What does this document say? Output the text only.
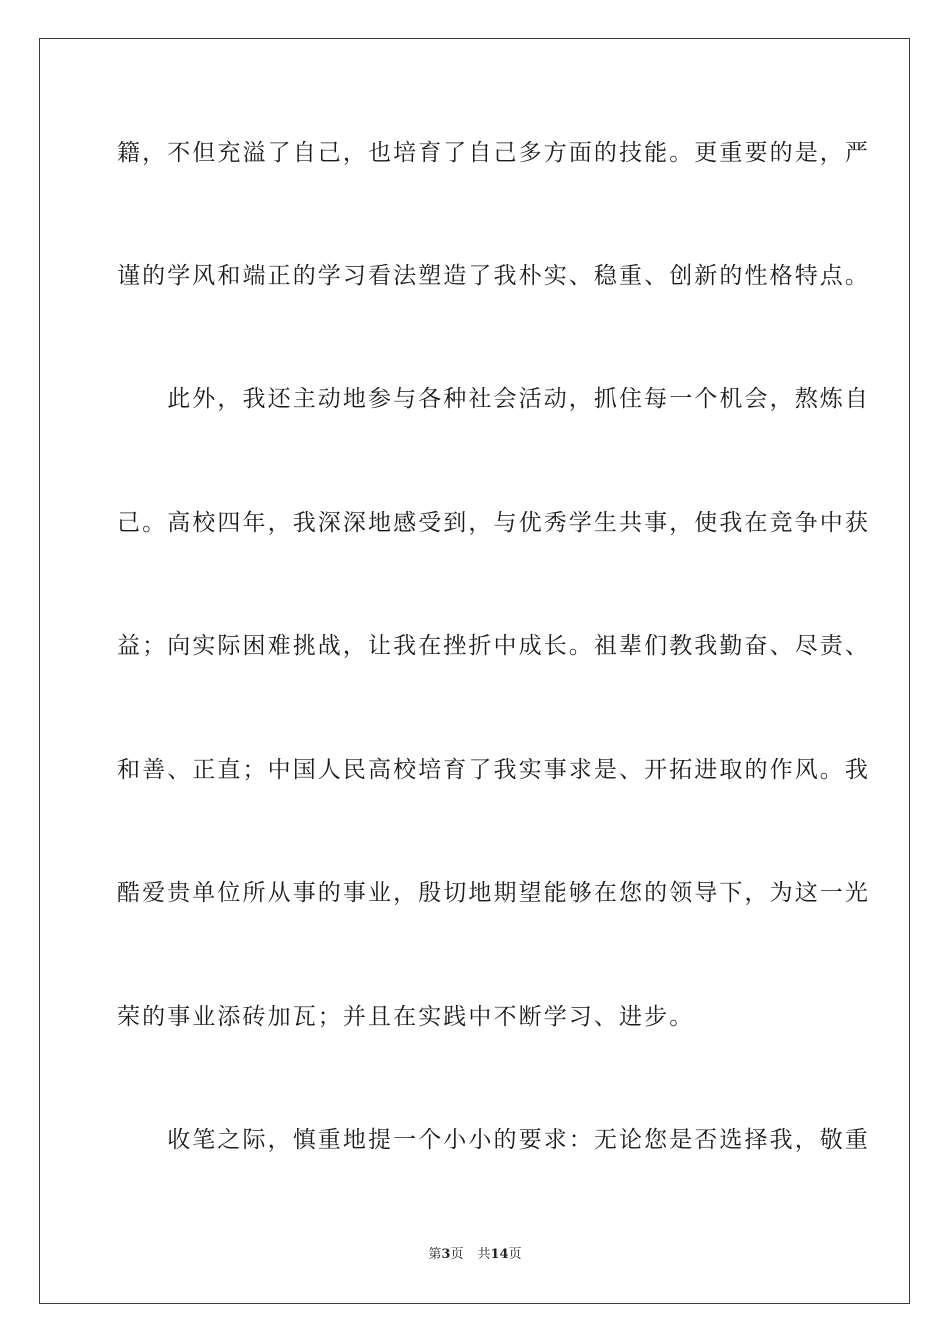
籍，不但充溢了自己，也培育了自己多方面的技能。更重要的是，严
谨的学风和端正的学习看法塑造了我朴实、稳重、创新的性格特点。
　　此外，我还主动地参与各种社会活动，抓住每一个机会，熬炼自
己。高校四年，我深深地感受到，与优秀学生共事，使我在竞争中获
益；向实际困难挑战，让我在挫折中成长。祖辈们教我勤奋、尽责、
和善、正直；中国人民高校培育了我实事求是、开拓进取的作风。我
酷爱贵单位所从事的事业，殷切地期望能够在您的领导下，为这一光
荣的事业添砖加瓦；并且在实践中不断学习、进步。
　　收笔之际，慎重地提一个小小的要求：无论您是否选择我，敬重
第3页 共14页
